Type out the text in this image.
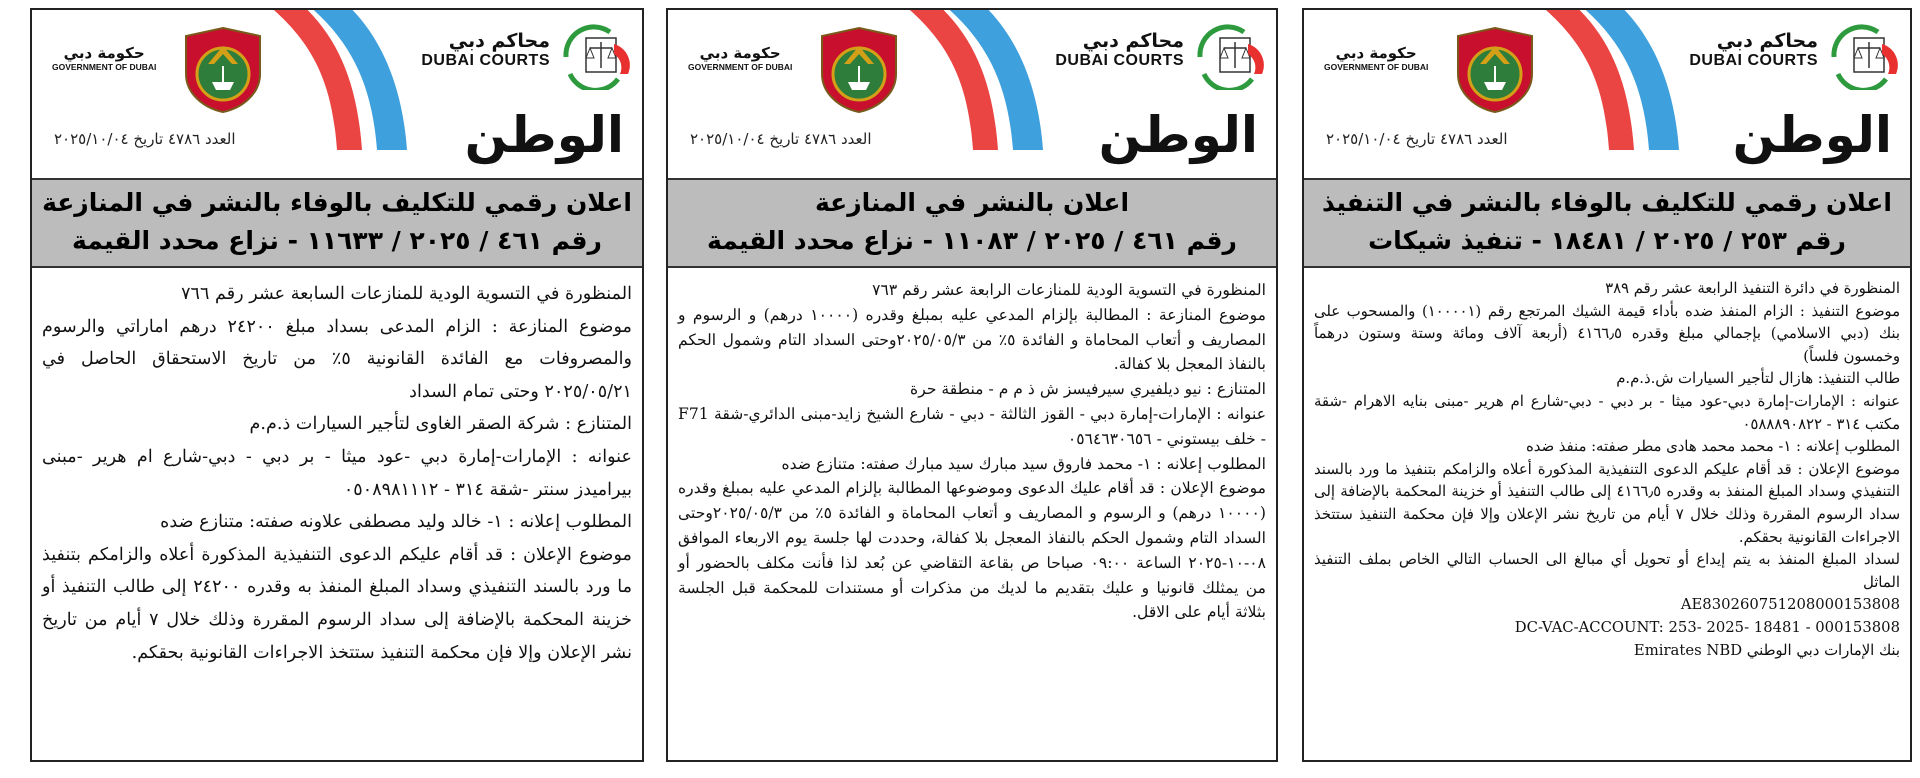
محاكم دبي
DUBAI COURTS
حكومة دبي
GOVERNMENT OF DUBAI
الوطن
العدد ٤٧٨٦ تاريخ ٢٠٢٥/١٠/٠٤
اعلان رقمي للتكليف بالوفاء بالنشر في التنفيذ
رقم ٢٥٣ / ٢٠٢٥ / ١٨٤٨١ - تنفيذ شيكات

المنظورة في دائرة التنفيذ الرابعة عشر رقم ٣٨٩

موضوع التنفيذ : الزام المنفذ ضده بأداء قيمة الشيك المرتجع رقم (١٠٠٠٠١) والمسحوب على بنك (دبي الاسلامي) بإجمالي مبلغ وقدره ٤١٦٦٫٥ (أربعة آلاف ومائة وستة وستون درهماً وخمسون فلساً)

طالب التنفيذ: هازال لتأجير السيارات ش.ذ.م.م

عنوانه : الإمارات-إمارة دبي-عود ميثا - بر دبي - دبي-شارع ام هرير -مبنى بنايه الاهرام -شقة مكتب ٣١٤ - ٠٥٨٨٨٩٠٨٢٢

المطلوب إعلانه : ١- محمد محمد هادى مطر صفته: منفذ ضده

موضوع الإعلان : قد أقام عليكم الدعوى التنفيذية المذكورة أعلاه والزامكم بتنفيذ ما ورد بالسند التنفيذي وسداد المبلغ المنفذ به وقدره ٤١٦٦٫٥ إلى طالب التنفيذ أو خزينة المحكمة بالإضافة إلى سداد الرسوم المقررة وذلك خلال ٧ أيام من تاريخ نشر الإعلان وإلا فإن محكمة التنفيذ ستتخذ الاجراءات القانونية بحقكم.

لسداد المبلغ المنفذ به يتم إيداع أو تحويل أي مبالغ الى الحساب التالي الخاص بملف التنفيذ الماثل

AE830260751208000153808

DC-VAC-ACCOUNT: 253- 2025- 18481 - 000153808

بنك الإمارات دبي الوطني Emirates NBD

محاكم دبي
DUBAI COURTS
حكومة دبي
GOVERNMENT OF DUBAI
الوطن
العدد ٤٧٨٦ تاريخ ٢٠٢٥/١٠/٠٤
اعلان بالنشر في المنازعة
رقم ٤٦١ / ٢٠٢٥ / ١١٠٨٣ - نزاع محدد القيمة

المنظورة في التسوية الودية للمنازعات الرابعة عشر رقم ٧٦٣

موضوع المنازعة : المطالبة بإلزام المدعي عليه بمبلغ وقدره (١٠٠٠٠ درهم) و الرسوم و المصاريف و أتعاب المحاماة و الفائدة ٥٪ من ٢٠٢٥/٠٥/٣وحتى السداد التام وشمول الحكم بالنفاذ المعجل بلا كفالة.

المتنازع : نيو ديلفيري سيرفيسز ش ذ م م - منطقة حرة

عنوانه : الإمارات-إمارة دبي - القوز الثالثة - دبي - شارع الشيخ زايد-مبنى الدائري-شقة F71 - خلف بيستوني - ٠٥٦٤٦٣٠٦٥٦

المطلوب إعلانه : ١- محمد فاروق سيد مبارك سيد مبارك صفته: متنازع ضده

موضوع الإعلان : قد أقام عليك الدعوى وموضوعها المطالبة بإلزام المدعي عليه بمبلغ وقدره (١٠٠٠٠ درهم) و الرسوم و المصاريف و أتعاب المحاماة و الفائدة ٥٪ من ٢٠٢٥/٠٥/٣وحتى السداد التام وشمول الحكم بالنفاذ المعجل بلا كفالة، وحددت لها جلسة يوم الاربعاء الموافق ٠٨-١٠-٢٠٢٥ الساعة ٠٩:٠٠ صباحا ص بقاعة التقاضي عن بُعد لذا فأنت مكلف بالحضور أو من يمثلك قانونيا و عليك بتقديم ما لديك من مذكرات أو مستندات للمحكمة قبل الجلسة بثلاثة أيام على الاقل.

محاكم دبي
DUBAI COURTS
حكومة دبي
GOVERNMENT OF DUBAI
الوطن
العدد ٤٧٨٦ تاريخ ٢٠٢٥/١٠/٠٤
اعلان رقمي للتكليف بالوفاء بالنشر في المنازعة
رقم ٤٦١ / ٢٠٢٥ / ١١٦٣٣ - نزاع محدد القيمة

المنظورة في التسوية الودية للمنازعات السابعة عشر رقم ٧٦٦

موضوع المنازعة : الزام المدعى بسداد مبلغ ٢٤٢٠٠ درهم اماراتي والرسوم والمصروفات مع الفائدة القانونية ٥٪ من تاريخ الاستحقاق الحاصل في ٢٠٢٥/٠٥/٢١ وحتى تمام السداد

المتنازع : شركة الصقر الغاوى لتأجير السيارات ذ.م.م

عنوانه : الإمارات-إمارة دبي -عود ميثا - بر دبي - دبي-شارع ام هرير -مبنى بيراميدز سنتر -شقة ٣١٤ - ٠٥٠٨٩٨١١١٢

المطلوب إعلانه : ١- خالد وليد مصطفى علاونه صفته: متنازع ضده

موضوع الإعلان : قد أقام عليكم الدعوى التنفيذية المذكورة أعلاه والزامكم بتنفيذ ما ورد بالسند التنفيذي وسداد المبلغ المنفذ به وقدره ٢٤٢٠٠ إلى طالب التنفيذ أو خزينة المحكمة بالإضافة إلى سداد الرسوم المقررة وذلك خلال ٧ أيام من تاريخ نشر الإعلان وإلا فإن محكمة التنفيذ ستتخذ الاجراءات القانونية بحقكم.
